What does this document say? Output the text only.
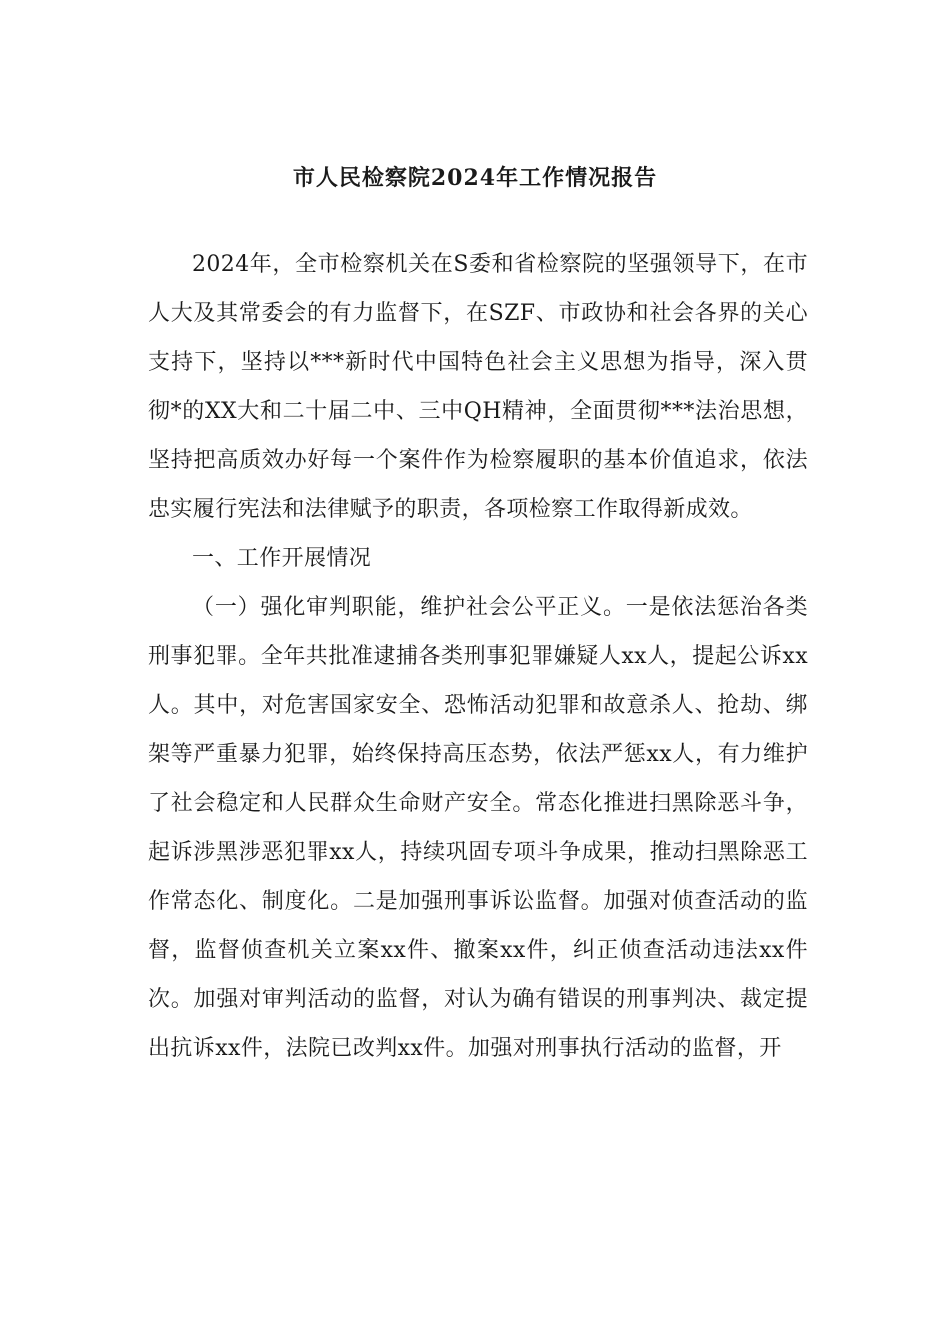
市人民检察院2024年工作情况报告

2024年，全市检察机关在S委和省检察院的坚强领导下，在市人大及其常委会的有力监督下，在SZF、市政协和社会各界的关心支持下，坚持以***新时代中国特色社会主义思想为指导，深入贯彻*的XX大和二十届二中、三中QH精神，全面贯彻***法治思想，坚持把高质效办好每一个案件作为检察履职的基本价值追求，依法忠实履行宪法和法律赋予的职责，各项检察工作取得新成效。

一、工作开展情况

（一）强化审判职能，维护社会公平正义。一是依法惩治各类刑事犯罪。全年共批准逮捕各类刑事犯罪嫌疑人xx人，提起公诉xx人。其中，对危害国家安全、恐怖活动犯罪和故意杀人、抢劫、绑架等严重暴力犯罪，始终保持高压态势，依法严惩xx人，有力维护了社会稳定和人民群众生命财产安全。常态化推进扫黑除恶斗争，起诉涉黑涉恶犯罪xx人，持续巩固专项斗争成果，推动扫黑除恶工作常态化、制度化。二是加强刑事诉讼监督。加强对侦查活动的监督，监督侦查机关立案xx件、撤案xx件，纠正侦查活动违法xx件次。加强对审判活动的监督，对认为确有错误的刑事判决、裁定提出抗诉xx件，法院已改判xx件。加强对刑事执行活动的监督，开
